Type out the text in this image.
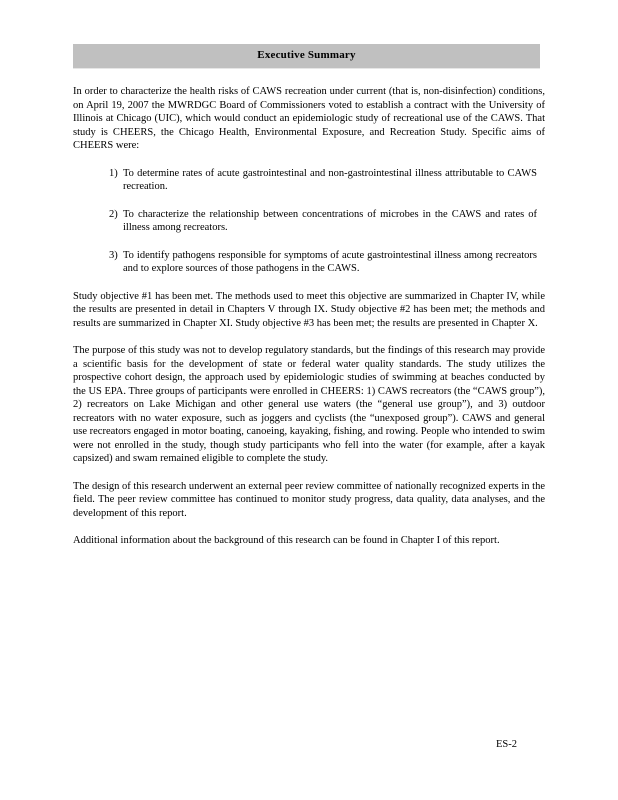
Executive Summary

In order to characterize the health risks of CAWS recreation under current (that is, non-disinfection) conditions, on April 19, 2007 the MWRDGC Board of Commissioners voted to establish a contract with the University of Illinois at Chicago (UIC), which would conduct an epidemiologic study of recreational use of the CAWS. That study is CHEERS, the Chicago Health, Environmental Exposure, and Recreation Study. Specific aims of CHEERS were:

1) To determine rates of acute gastrointestinal and non-gastrointestinal illness attributable to CAWS recreation.
2) To characterize the relationship between concentrations of microbes in the CAWS and rates of illness among recreators.
3) To identify pathogens responsible for symptoms of acute gastrointestinal illness among recreators and to explore sources of those pathogens in the CAWS.

Study objective #1 has been met. The methods used to meet this objective are summarized in Chapter IV, while the results are presented in detail in Chapters V through IX. Study objective #2 has been met; the methods and results are summarized in Chapter XI. Study objective #3 has been met; the results are presented in Chapter X.

The purpose of this study was not to develop regulatory standards, but the findings of this research may provide a scientific basis for the development of state or federal water quality standards. The study utilizes the prospective cohort design, the approach used by epidemiologic studies of swimming at beaches conducted by the US EPA. Three groups of participants were enrolled in CHEERS: 1) CAWS recreators (the “CAWS group”), 2) recreators on Lake Michigan and other general use waters (the “general use group”), and 3) outdoor recreators with no water exposure, such as joggers and cyclists (the “unexposed group”). CAWS and general use recreators engaged in motor boating, canoeing, kayaking, fishing, and rowing. People who intended to swim were not enrolled in the study, though study participants who fell into the water (for example, after a kayak capsized) and swam remained eligible to complete the study.

The design of this research underwent an external peer review committee of nationally recognized experts in the field. The peer review committee has continued to monitor study progress, data quality, data analyses, and the development of this report.

Additional information about the background of this research can be found in Chapter I of this report.

ES-2
